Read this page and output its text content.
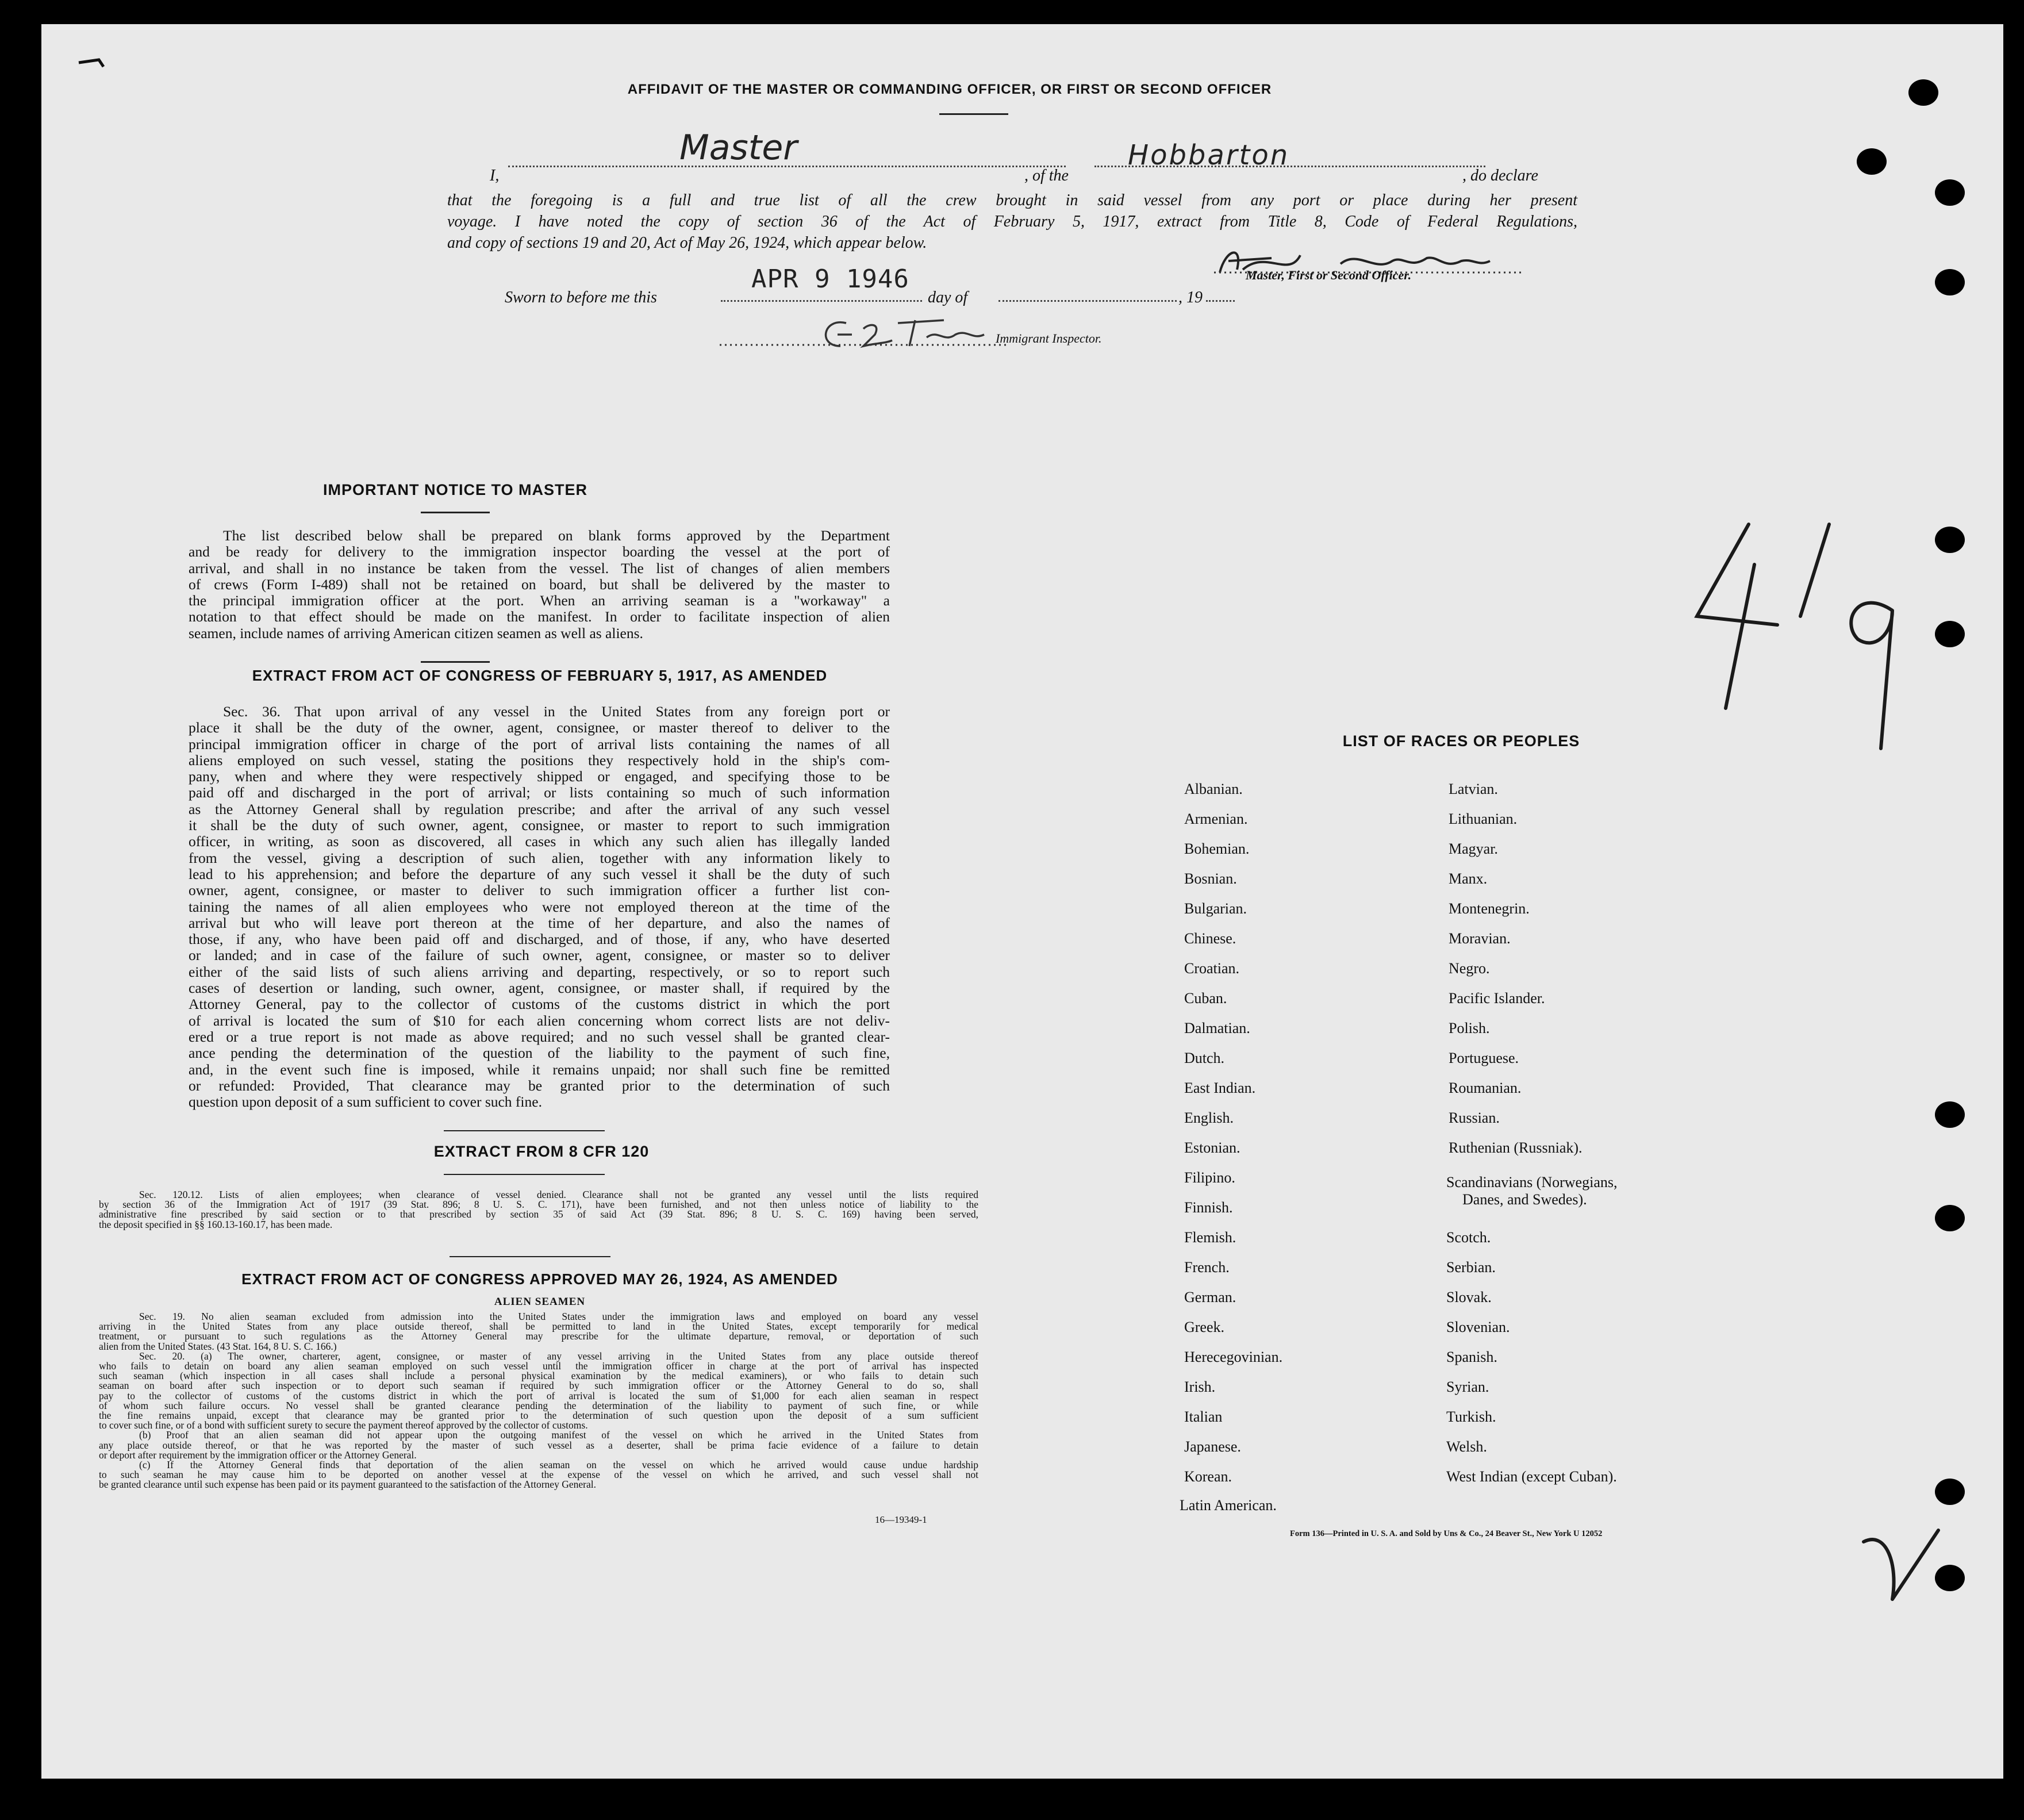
AFFIDAVIT OF THE MASTER OR COMMANDING OFFICER, OR FIRST OR SECOND OFFICER
I,
Master
, of the
Hobbarton
, do declare
that the foregoing is a full and true list of all the crew brought in said vessel from any port or place during her present
voyage. I have noted the copy of section 36 of the Act of February 5, 1917, extract from Title 8, Code of Federal Regulations,
and copy of sections 19 and 20, Act of May 26, 1924, which appear below.
Master, First or Second Officer.
APR 9 1946
Sworn to before me this	day of	, 19
Immigrant Inspector.
IMPORTANT NOTICE TO MASTER

The list described below shall be prepared on blank forms approved by the Department

and be ready for delivery to the immigration inspector boarding the vessel at the port of

arrival, and shall in no instance be taken from the vessel. The list of changes of alien members

of crews (Form I-489) shall not be retained on board, but shall be delivered by the master to

the principal immigration officer at the port. When an arriving seaman is a "workaway" a

notation to that effect should be made on the manifest. In order to facilitate inspection of alien

seamen, include names of arriving American citizen seamen as well as aliens.

EXTRACT FROM ACT OF CONGRESS OF FEBRUARY 5, 1917, AS AMENDED

Sec. 36. That upon arrival of any vessel in the United States from any foreign port or

place it shall be the duty of the owner, agent, consignee, or master thereof to deliver to the

principal immigration officer in charge of the port of arrival lists containing the names of all

aliens employed on such vessel, stating the positions they respectively hold in the ship's com-

pany, when and where they were respectively shipped or engaged, and specifying those to be

paid off and discharged in the port of arrival; or lists containing so much of such information

as the Attorney General shall by regulation prescribe; and after the arrival of any such vessel

it shall be the duty of such owner, agent, consignee, or master to report to such immigration

officer, in writing, as soon as discovered, all cases in which any such alien has illegally landed

from the vessel, giving a description of such alien, together with any information likely to

lead to his apprehension; and before the departure of any such vessel it shall be the duty of such

owner, agent, consignee, or master to deliver to such immigration officer a further list con-

taining the names of all alien employees who were not employed thereon at the time of the

arrival but who will leave port thereon at the time of her departure, and also the names of

those, if any, who have been paid off and discharged, and of those, if any, who have deserted

or landed; and in case of the failure of such owner, agent, consignee, or master so to deliver

either of the said lists of such aliens arriving and departing, respectively, or so to report such

cases of desertion or landing, such owner, agent, consignee, or master shall, if required by the

Attorney General, pay to the collector of customs of the customs district in which the port

of arrival is located the sum of $10 for each alien concerning whom correct lists are not deliv-

ered or a true report is not made as above required; and no such vessel shall be granted clear-

ance pending the determination of the question of the liability to the payment of such fine,

and, in the event such fine is imposed, while it remains unpaid; nor shall such fine be remitted

or refunded: Provided, That clearance may be granted prior to the determination of such

question upon deposit of a sum sufficient to cover such fine.

EXTRACT FROM 8 CFR 120

Sec. 120.12. Lists of alien employees; when clearance of vessel denied. Clearance shall not be granted any vessel until the lists required

by section 36 of the Immigration Act of 1917 (39 Stat. 896; 8 U. S. C. 171), have been furnished, and not then unless notice of liability to the

administrative fine prescribed by said section or to that prescribed by section 35 of said Act (39 Stat. 896; 8 U. S. C. 169) having been served,

the deposit specified in §§ 160.13-160.17, has been made.

EXTRACT FROM ACT OF CONGRESS APPROVED MAY 26, 1924, AS AMENDED
ALIEN SEAMEN

Sec. 19. No alien seaman excluded from admission into the United States under the immigration laws and employed on board any vessel

arriving in the United States from any place outside thereof, shall be permitted to land in the United States, except temporarily for medical

treatment, or pursuant to such regulations as the Attorney General may prescribe for the ultimate departure, removal, or deportation of such

alien from the United States. (43 Stat. 164, 8 U. S. C. 166.)

Sec. 20. (a) The owner, charterer, agent, consignee, or master of any vessel arriving in the United States from any place outside thereof

who fails to detain on board any alien seaman employed on such vessel until the immigration officer in charge at the port of arrival has inspected

such seaman (which inspection in all cases shall include a personal physical examination by the medical examiners), or who fails to detain such

seaman on board after such inspection or to deport such seaman if required by such immigration officer or the Attorney General to do so, shall

pay to the collector of customs of the customs district in which the port of arrival is located the sum of $1,000 for each alien seaman in respect

of whom such failure occurs. No vessel shall be granted clearance pending the determination of the liability to payment of such fine, or while

the fine remains unpaid, except that clearance may be granted prior to the determination of such question upon the deposit of a sum sufficient

to cover such fine, or of a bond with sufficient surety to secure the payment thereof approved by the collector of customs.

(b) Proof that an alien seaman did not appear upon the outgoing manifest of the vessel on which he arrived in the United States from

any place outside thereof, or that he was reported by the master of such vessel as a deserter, shall be prima facie evidence of a failure to detain

or deport after requirement by the immigration officer or the Attorney General.

(c) If the Attorney General finds that deportation of the alien seaman on the vessel on which he arrived would cause undue hardship

to such seaman he may cause him to be deported on another vessel at the expense of the vessel on which he arrived, and such vessel shall not

be granted clearance until such expense has been paid or its payment guaranteed to the satisfaction of the Attorney General.

16—19349-1
LIST OF RACES OR PEOPLES
Albanian.
Armenian.
Bohemian.
Bosnian.
Bulgarian.
Chinese.
Croatian.
Cuban.
Dalmatian.
Dutch.
East Indian.
English.
Estonian.
Filipino.
Finnish.
Flemish.
French.
German.
Greek.
Herecegovinian.
Irish.
Italian
Japanese.
Korean.
Latin American.
Latvian.
Lithuanian.
Magyar.
Manx.
Montenegrin.
Moravian.
Negro.
Pacific Islander.
Polish.
Portuguese.
Roumanian.
Russian.
Ruthenian (Russniak).
Scandinavians (Norwegians,
Danes, and Swedes).
Scotch.
Serbian.
Slovak.
Slovenian.
Spanish.
Syrian.
Turkish.
Welsh.
West Indian (except Cuban).
Form 136—Printed in U. S. A. and Sold by Uns & Co., 24 Beaver St., New York U 12052
